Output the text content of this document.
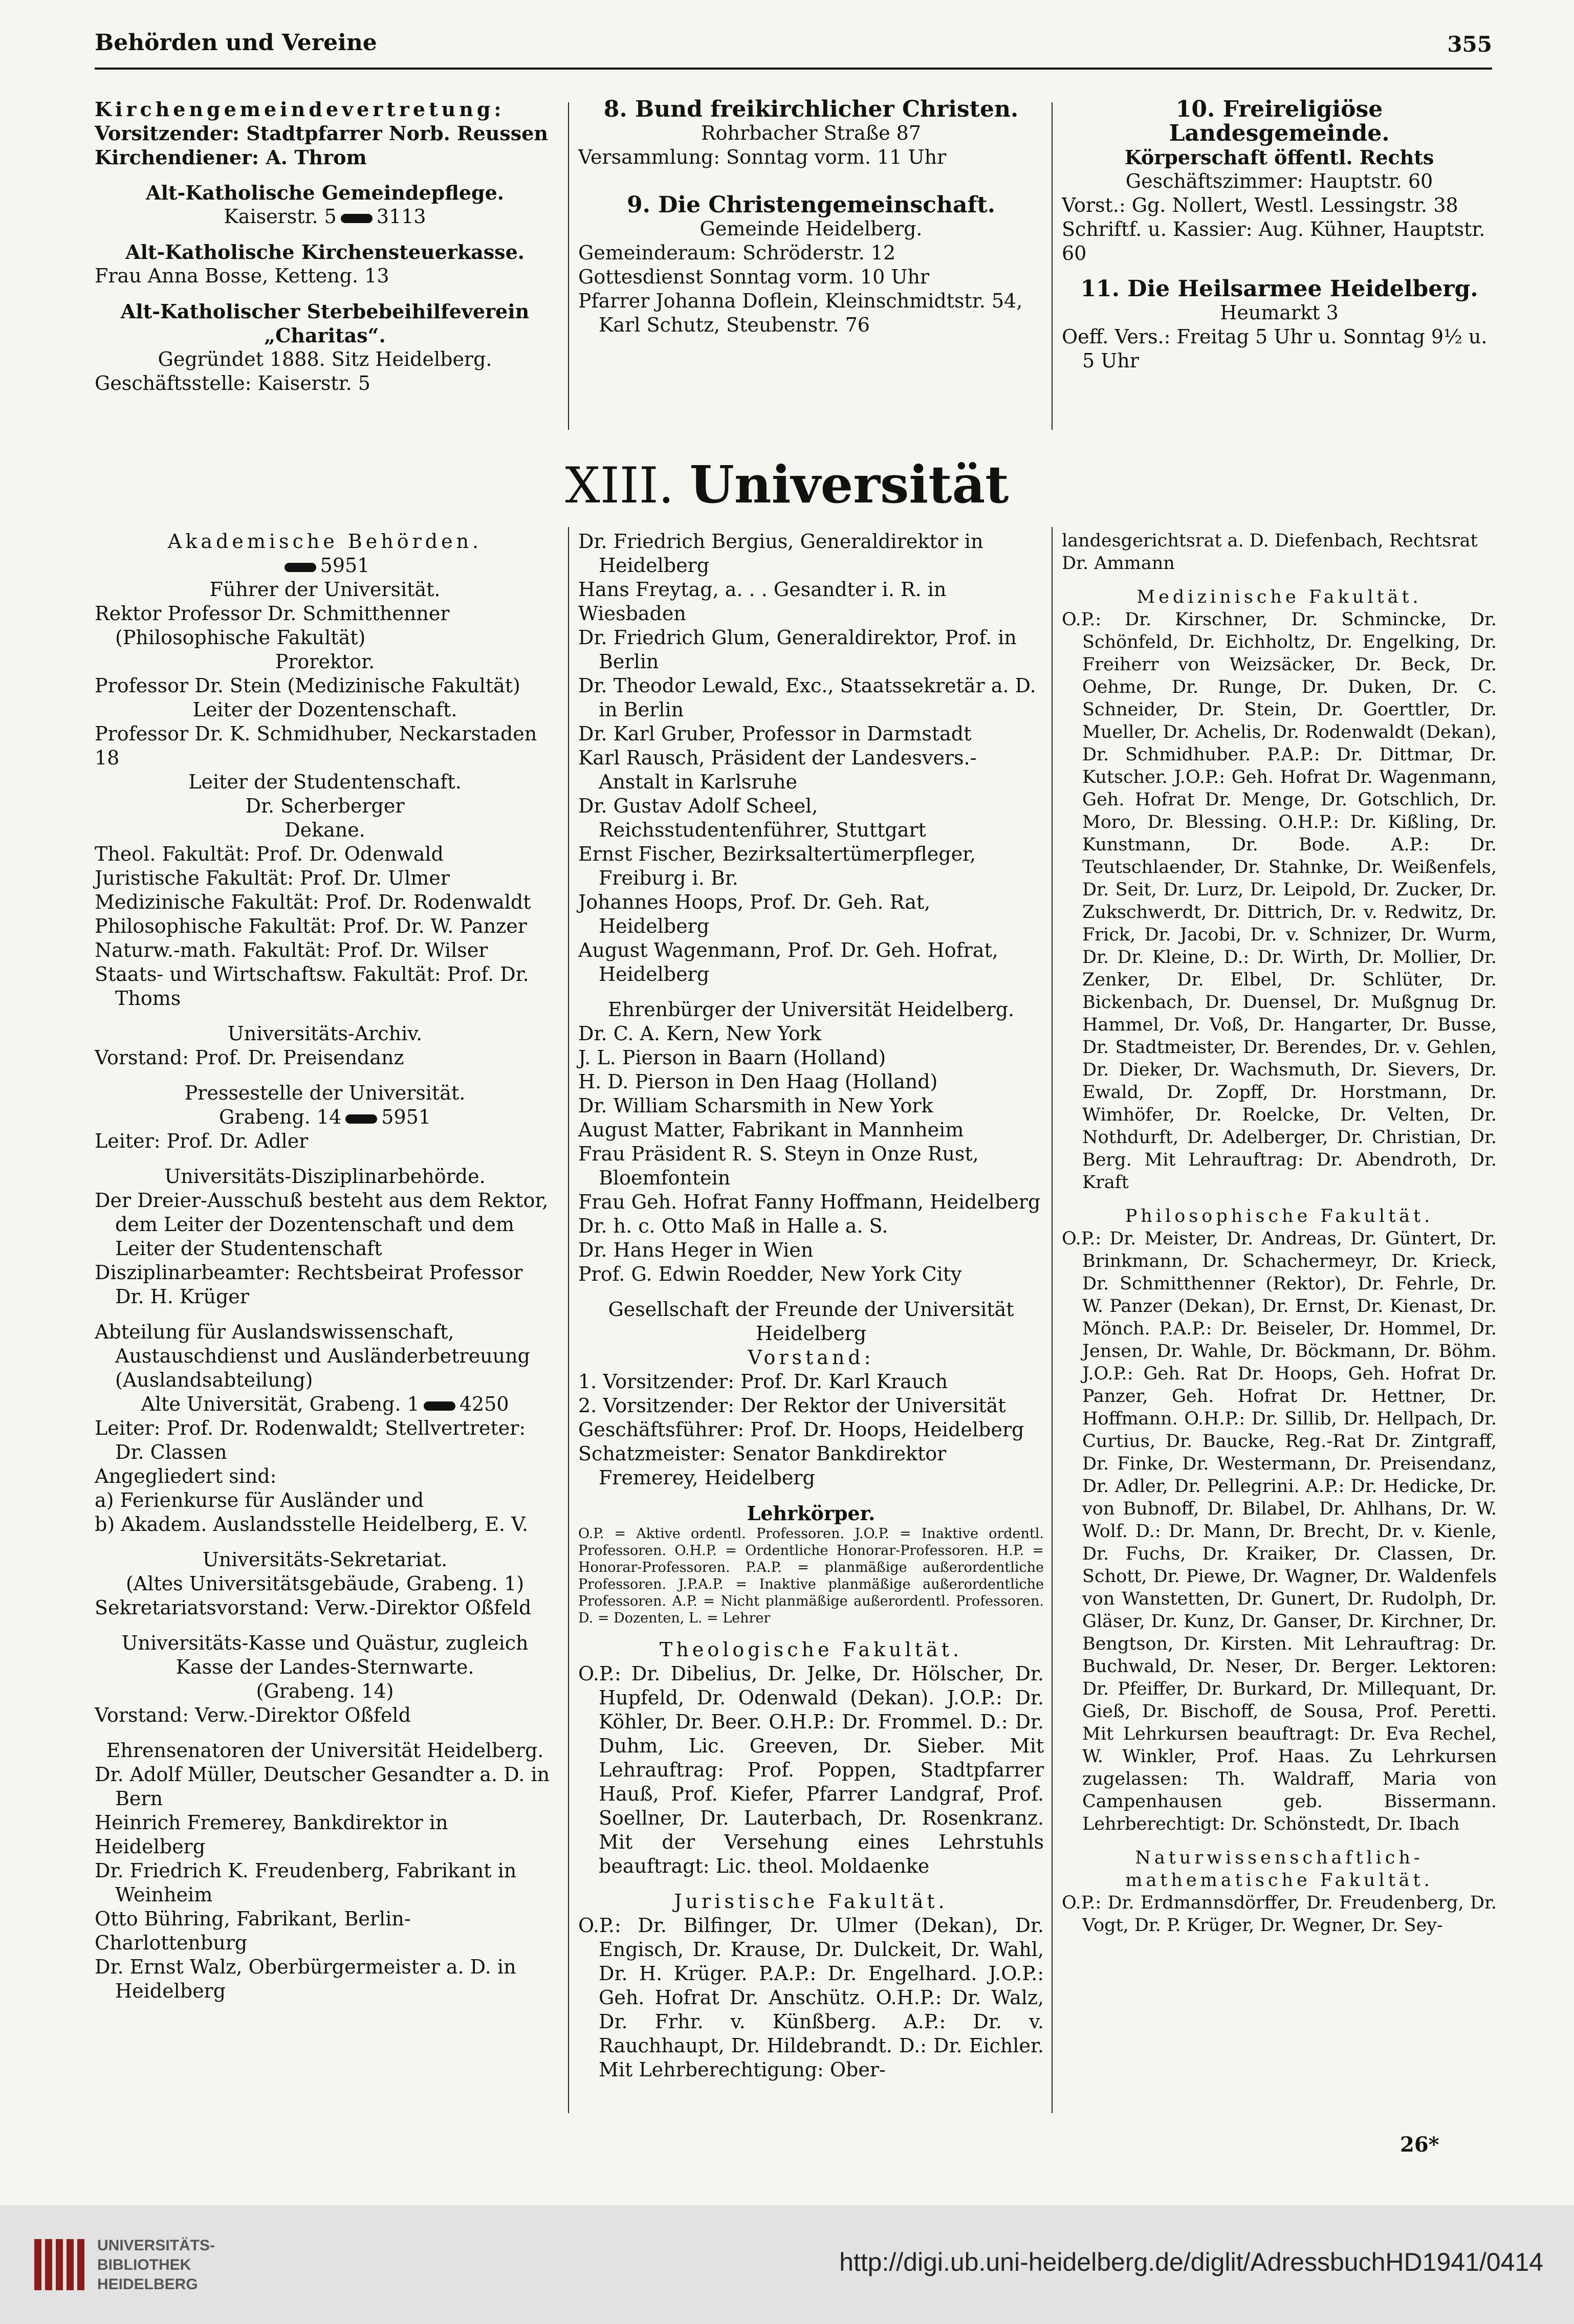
Behörden und Vereine	355

Kirchengemeindevertretung:

Vorsitzender: Stadtpfarrer Norb. Reussen

Kirchendiener: A. Throm

Alt-Katholische Gemeindepflege.

Kaiserstr. 5 3113

Alt-Katholische Kirchensteuerkasse.

Frau Anna Bosse, Ketteng. 13

Alt-Katholischer Sterbebeihilfeverein „Charitas“.

Gegründet 1888. Sitz Heidelberg.

Geschäftsstelle: Kaiserstr. 5

8. Bund freikirchlicher Christen.

Rohrbacher Straße 87

Versammlung: Sonntag vorm. 11 Uhr

9. Die Christengemeinschaft.

Gemeinde Heidelberg.

Gemeinderaum: Schröderstr. 12

Gottesdienst Sonntag vorm. 10 Uhr

Pfarrer Johanna Doflein, Kleinschmidtstr. 54, Karl Schutz, Steubenstr. 76

10. Freireligiöse Landesgemeinde.

Körperschaft öffentl. Rechts

Geschäftszimmer: Hauptstr. 60

Vorst.: Gg. Nollert, Westl. Lessingstr. 38

Schriftf. u. Kassier: Aug. Kühner, Hauptstr. 60

11. Die Heilsarmee Heidelberg.

Heumarkt 3

Oeff. Vers.: Freitag 5 Uhr u. Sonntag 9½ u. 5 Uhr

XIII. Universität

Akademische Behörden.

5951

Führer der Universität.

Rektor Professor Dr. Schmitthenner (Philosophische Fakultät)

Prorektor.

Professor Dr. Stein (Medizinische Fakultät)

Leiter der Dozentenschaft.

Professor Dr. K. Schmidhuber, Neckarstaden 18

Leiter der Studentenschaft.

Dr. Scherberger

Dekane.

Theol. Fakultät: Prof. Dr. Odenwald

Juristische Fakultät: Prof. Dr. Ulmer

Medizinische Fakultät: Prof. Dr. Rodenwaldt

Philosophische Fakultät: Prof. Dr. W. Panzer

Naturw.-math. Fakultät: Prof. Dr. Wilser

Staats- und Wirtschaftsw. Fakultät: Prof. Dr. Thoms

Universitäts-Archiv.

Vorstand: Prof. Dr. Preisendanz

Pressestelle der Universität.

Grabeng. 14 5951

Leiter: Prof. Dr. Adler

Universitäts-Disziplinarbehörde.

Der Dreier-Ausschuß besteht aus dem Rektor, dem Leiter der Dozentenschaft und dem Leiter der Studentenschaft

Disziplinarbeamter: Rechtsbeirat Professor Dr. H. Krüger

Abteilung für Auslandswissenschaft, Austauschdienst und Ausländerbetreuung (Auslandsabteilung)

Alte Universität, Grabeng. 1 4250

Leiter: Prof. Dr. Rodenwaldt; Stellvertreter: Dr. Classen

Angegliedert sind:

a) Ferienkurse für Ausländer und

b) Akadem. Auslandsstelle Heidelberg, E. V.

Universitäts-Sekretariat.

(Altes Universitätsgebäude, Grabeng. 1)

Sekretariatsvorstand: Verw.-Direktor Oßfeld

Universitäts-Kasse und Quästur, zugleich Kasse der Landes-Sternwarte.

(Grabeng. 14)

Vorstand: Verw.-Direktor Oßfeld

Ehrensenatoren der Universität Heidelberg.

Dr. Adolf Müller, Deutscher Gesandter a. D. in Bern

Heinrich Fremerey, Bankdirektor in Heidelberg

Dr. Friedrich K. Freudenberg, Fabrikant in Weinheim

Otto Bühring, Fabrikant, Berlin-Charlottenburg

Dr. Ernst Walz, Oberbürgermeister a. D. in Heidelberg

Dr. Friedrich Bergius, Generaldirektor in Heidelberg

Hans Freytag, a. . . Gesandter i. R. in Wiesbaden

Dr. Friedrich Glum, Generaldirektor, Prof. in Berlin

Dr. Theodor Lewald, Exc., Staatssekretär a. D. in Berlin

Dr. Karl Gruber, Professor in Darmstadt

Karl Rausch, Präsident der Landesvers.-Anstalt in Karlsruhe

Dr. Gustav Adolf Scheel, Reichsstudentenführer, Stuttgart

Ernst Fischer, Bezirksaltertümerpfleger, Freiburg i. Br.

Johannes Hoops, Prof. Dr. Geh. Rat, Heidelberg

August Wagenmann, Prof. Dr. Geh. Hofrat, Heidelberg

Ehrenbürger der Universität Heidelberg.

Dr. C. A. Kern, New York

J. L. Pierson in Baarn (Holland)

H. D. Pierson in Den Haag (Holland)

Dr. William Scharsmith in New York

August Matter, Fabrikant in Mannheim

Frau Präsident R. S. Steyn in Onze Rust, Bloemfontein

Frau Geh. Hofrat Fanny Hoffmann, Heidelberg

Dr. h. c. Otto Maß in Halle a. S.

Dr. Hans Heger in Wien

Prof. G. Edwin Roedder, New York City

Gesellschaft der Freunde der Universität Heidelberg

Vorstand:

1. Vorsitzender: Prof. Dr. Karl Krauch

2. Vorsitzender: Der Rektor der Universität

Geschäftsführer: Prof. Dr. Hoops, Heidelberg

Schatzmeister: Senator Bankdirektor Fremerey, Heidelberg

Lehrkörper.

O.P. = Aktive ordentl. Professoren. J.O.P. = Inaktive ordentl. Professoren. O.H.P. = Ordentliche Honorar-Professoren. H.P. = Honorar-Professoren. P.A.P. = planmäßige außerordentliche Professoren. J.P.A.P. = Inaktive planmäßige außerordentliche Professoren. A.P. = Nicht planmäßige außerordentl. Professoren. D. = Dozenten, L. = Lehrer

Theologische Fakultät.

O.P.: Dr. Dibelius, Dr. Jelke, Dr. Hölscher, Dr. Hupfeld, Dr. Odenwald (Dekan). J.O.P.: Dr. Köhler, Dr. Beer. O.H.P.: Dr. Frommel. D.: Dr. Duhm, Lic. Greeven, Dr. Sieber. Mit Lehrauftrag: Prof. Poppen, Stadtpfarrer Hauß, Prof. Kiefer, Pfarrer Landgraf, Prof. Soellner, Dr. Lauterbach, Dr. Rosenkranz. Mit der Versehung eines Lehrstuhls beauftragt: Lic. theol. Moldaenke

Juristische Fakultät.

O.P.: Dr. Bilfinger, Dr. Ulmer (Dekan), Dr. Engisch, Dr. Krause, Dr. Dulckeit, Dr. Wahl, Dr. H. Krüger. P.A.P.: Dr. Engelhard. J.O.P.: Geh. Hofrat Dr. Anschütz. O.H.P.: Dr. Walz, Dr. Frhr. v. Künßberg. A.P.: Dr. v. Rauchhaupt, Dr. Hildebrandt. D.: Dr. Eichler. Mit Lehrberechtigung: Ober-

landesgerichtsrat a. D. Diefenbach, Rechtsrat Dr. Ammann

Medizinische Fakultät.

O.P.: Dr. Kirschner, Dr. Schmincke, Dr. Schönfeld, Dr. Eichholtz, Dr. Engelking, Dr. Freiherr von Weizsäcker, Dr. Beck, Dr. Oehme, Dr. Runge, Dr. Duken, Dr. C. Schneider, Dr. Stein, Dr. Goerttler, Dr. Mueller, Dr. Achelis, Dr. Rodenwaldt (Dekan), Dr. Schmidhuber. P.A.P.: Dr. Dittmar, Dr. Kutscher. J.O.P.: Geh. Hofrat Dr. Wagenmann, Geh. Hofrat Dr. Menge, Dr. Gotschlich, Dr. Moro, Dr. Blessing. O.H.P.: Dr. Kißling, Dr. Kunstmann, Dr. Bode. A.P.: Dr. Teutschlaender, Dr. Stahnke, Dr. Weißenfels, Dr. Seit, Dr. Lurz, Dr. Leipold, Dr. Zucker, Dr. Zukschwerdt, Dr. Dittrich, Dr. v. Redwitz, Dr. Frick, Dr. Jacobi, Dr. v. Schnizer, Dr. Wurm, Dr. Dr. Kleine, D.: Dr. Wirth, Dr. Mollier, Dr. Zenker, Dr. Elbel, Dr. Schlüter, Dr. Bickenbach, Dr. Duensel, Dr. Mußgnug Dr. Hammel, Dr. Voß, Dr. Hangarter, Dr. Busse, Dr. Stadtmeister, Dr. Berendes, Dr. v. Gehlen, Dr. Dieker, Dr. Wachsmuth, Dr. Sievers, Dr. Ewald, Dr. Zopff, Dr. Horstmann, Dr. Wimhöfer, Dr. Roelcke, Dr. Velten, Dr. Nothdurft, Dr. Adelberger, Dr. Christian, Dr. Berg. Mit Lehrauftrag: Dr. Abendroth, Dr. Kraft

Philosophische Fakultät.

O.P.: Dr. Meister, Dr. Andreas, Dr. Güntert, Dr. Brinkmann, Dr. Schachermeyr, Dr. Krieck, Dr. Schmitthenner (Rektor), Dr. Fehrle, Dr. W. Panzer (Dekan), Dr. Ernst, Dr. Kienast, Dr. Mönch. P.A.P.: Dr. Beiseler, Dr. Hommel, Dr. Jensen, Dr. Wahle, Dr. Böckmann, Dr. Böhm. J.O.P.: Geh. Rat Dr. Hoops, Geh. Hofrat Dr. Panzer, Geh. Hofrat Dr. Hettner, Dr. Hoffmann. O.H.P.: Dr. Sillib, Dr. Hellpach, Dr. Curtius, Dr. Baucke, Reg.-Rat Dr. Zintgraff, Dr. Finke, Dr. Westermann, Dr. Preisendanz, Dr. Adler, Dr. Pellegrini. A.P.: Dr. Hedicke, Dr. von Bubnoff, Dr. Bilabel, Dr. Ahlhans, Dr. W. Wolf. D.: Dr. Mann, Dr. Brecht, Dr. v. Kienle, Dr. Fuchs, Dr. Kraiker, Dr. Classen, Dr. Schott, Dr. Piewe, Dr. Wagner, Dr. Waldenfels von Wanstetten, Dr. Gunert, Dr. Rudolph, Dr. Gläser, Dr. Kunz, Dr. Ganser, Dr. Kirchner, Dr. Bengtson, Dr. Kirsten. Mit Lehrauftrag: Dr. Buchwald, Dr. Neser, Dr. Berger. Lektoren: Dr. Pfeiffer, Dr. Burkard, Dr. Millequant, Dr. Gieß, Dr. Bischoff, de Sousa, Prof. Peretti. Mit Lehrkursen beauftragt: Dr. Eva Rechel, W. Winkler, Prof. Haas. Zu Lehrkursen zugelassen: Th. Waldraff, Maria von Campenhausen geb. Bissermann. Lehrberechtigt: Dr. Schönstedt, Dr. Ibach

Naturwissenschaftlich-mathematische Fakultät.

O.P.: Dr. Erdmannsdörffer, Dr. Freudenberg, Dr. Vogt, Dr. P. Krüger, Dr. Wegner, Dr. Sey-

26*
UNIVERSITÄTS-
BIBLIOTHEK
HEIDELBERG
http://digi.ub.uni-heidelberg.de/diglit/AdressbuchHD1941/0414
